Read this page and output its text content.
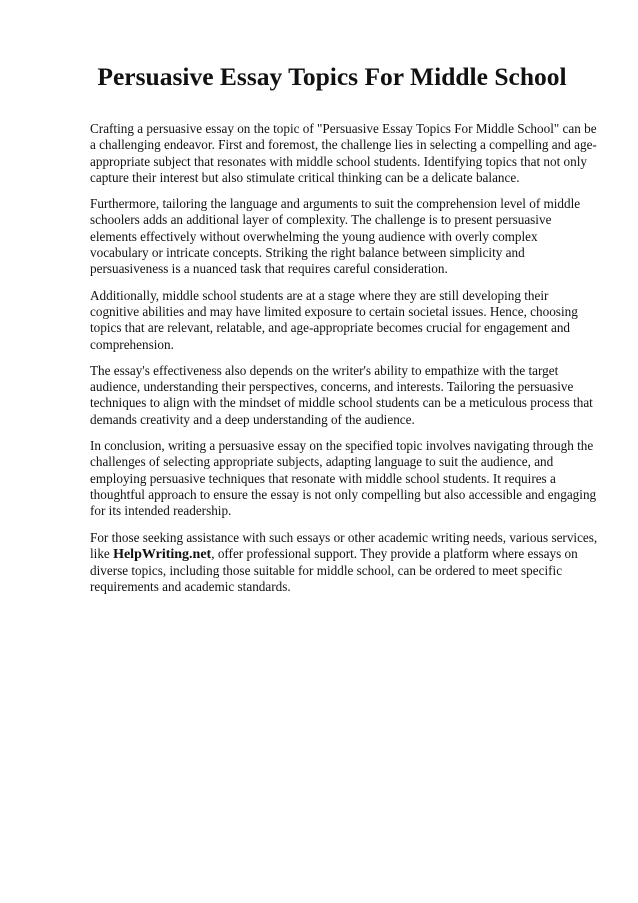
Persuasive Essay Topics For Middle School

Crafting a persuasive essay on the topic of "Persuasive Essay Topics For Middle School" can be a challenging endeavor. First and foremost, the challenge lies in selecting a compelling and age-appropriate subject that resonates with middle school students. Identifying topics that not only capture their interest but also stimulate critical thinking can be a delicate balance.

Furthermore, tailoring the language and arguments to suit the comprehension level of middle schoolers adds an additional layer of complexity. The challenge is to present persuasive elements effectively without overwhelming the young audience with overly complex vocabulary or intricate concepts. Striking the right balance between simplicity and persuasiveness is a nuanced task that requires careful consideration.

Additionally, middle school students are at a stage where they are still developing their cognitive abilities and may have limited exposure to certain societal issues. Hence, choosing topics that are relevant, relatable, and age-appropriate becomes crucial for engagement and comprehension.

The essay's effectiveness also depends on the writer's ability to empathize with the target audience, understanding their perspectives, concerns, and interests. Tailoring the persuasive techniques to align with the mindset of middle school students can be a meticulous process that demands creativity and a deep understanding of the audience.

In conclusion, writing a persuasive essay on the specified topic involves navigating through the challenges of selecting appropriate subjects, adapting language to suit the audience, and employing persuasive techniques that resonate with middle school students. It requires a thoughtful approach to ensure the essay is not only compelling but also accessible and engaging for its intended readership.

For those seeking assistance with such essays or other academic writing needs, various services, like HelpWriting.net, offer professional support. They provide a platform where essays on diverse topics, including those suitable for middle school, can be ordered to meet specific requirements and academic standards.
